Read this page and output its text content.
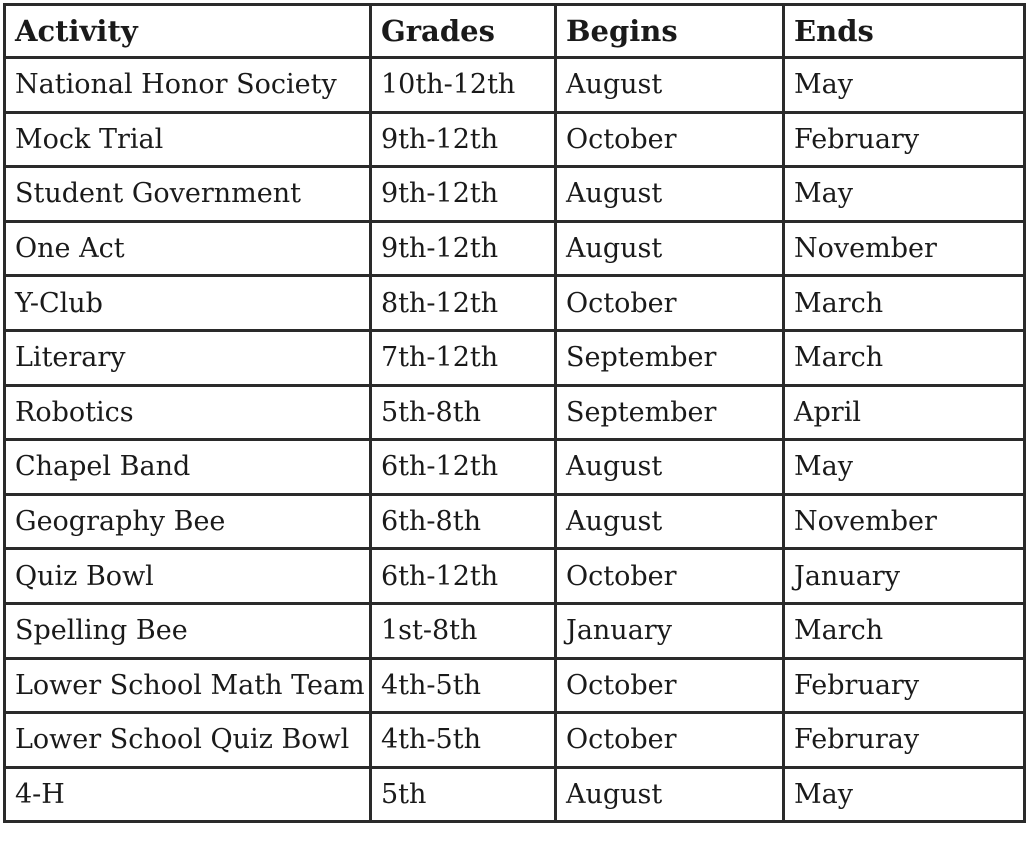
Activity	Grades	Begins	Ends
National Honor Society	10th-12th	August	May
Mock Trial	9th-12th	October	February
Student Government	9th-12th	August	May
One Act	9th-12th	August	November
Y-Club	8th-12th	October	March
Literary	7th-12th	September	March
Robotics	5th-8th	September	April
Chapel Band	6th-12th	August	May
Geography Bee	6th-8th	August	November
Quiz Bowl	6th-12th	October	January
Spelling Bee	1st-8th	January	March
Lower School Math Team	4th-5th	October	February
Lower School Quiz Bowl	4th-5th	October	Februray
4-H	5th	August	May
